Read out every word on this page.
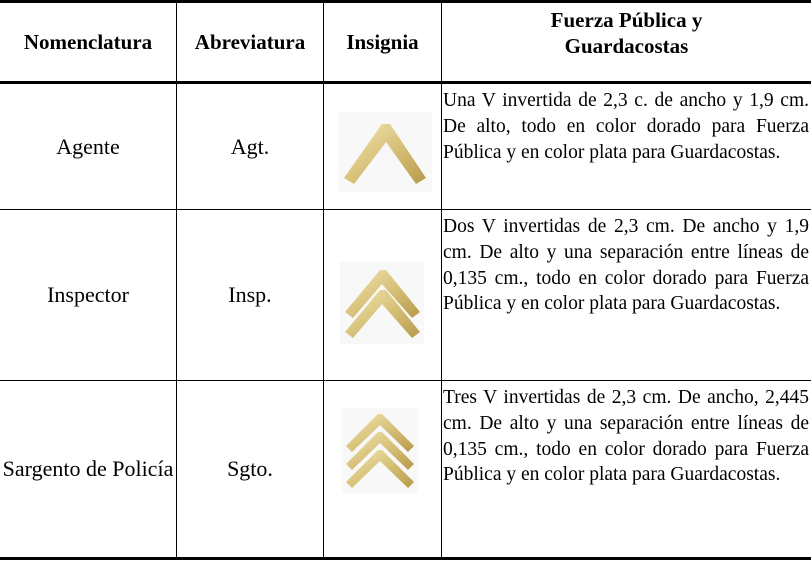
Nomenclatura Abreviatura Insignia
Fuerza Pública y Guardacostas
Agente	Agt.
Una V invertida de 2,3 c. de ancho y 1,9 cm. De alto, todo en color dorado para Fuerza Pública y en color plata para Guardacostas.
Inspector	Insp.
Dos V invertidas de 2,3 cm. De ancho y 1,9 cm. De alto y una separación entre líneas de 0,135 cm., todo en color dorado para Fuerza Pública y en color plata para Guardacostas.
Sargento de Policía Sgto.
Tres V invertidas de 2,3 cm. De ancho, 2,445 cm. De alto y una separación entre líneas de 0,135 cm., todo en color dorado para Fuerza Pública y en color plata para Guardacostas.
